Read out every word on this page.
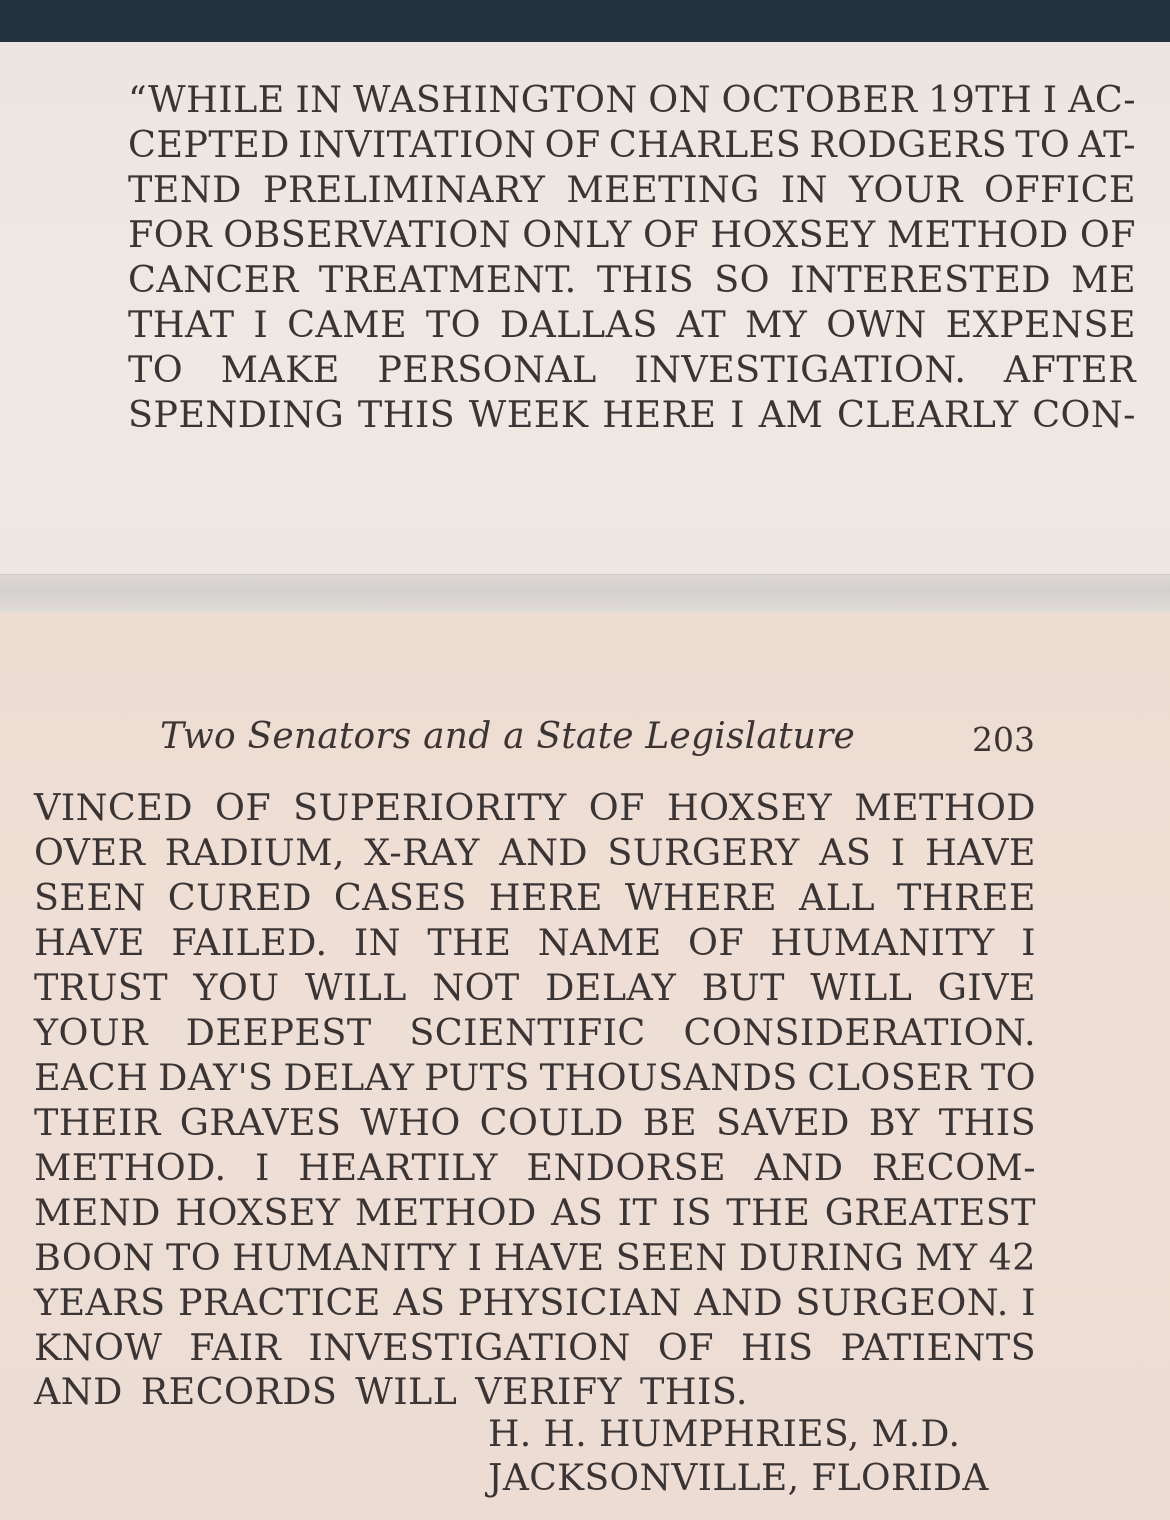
“WHILE IN WASHINGTON ON OCTOBER 19TH I AC-
CEPTED INVITATION OF CHARLES RODGERS TO AT-
TEND PRELIMINARY MEETING IN YOUR OFFICE
FOR OBSERVATION ONLY OF HOXSEY METHOD OF
CANCER TREATMENT. THIS SO INTERESTED ME
THAT I CAME TO DALLAS AT MY OWN EXPENSE
TO MAKE PERSONAL INVESTIGATION. AFTER
SPENDING THIS WEEK HERE I AM CLEARLY CON-
Two Senators and a State Legislature	203
VINCED OF SUPERIORITY OF HOXSEY METHOD
OVER RADIUM, X-RAY AND SURGERY AS I HAVE
SEEN CURED CASES HERE WHERE ALL THREE
HAVE FAILED. IN THE NAME OF HUMANITY I
TRUST YOU WILL NOT DELAY BUT WILL GIVE
YOUR DEEPEST SCIENTIFIC CONSIDERATION.
EACH DAY'S DELAY PUTS THOUSANDS CLOSER TO
THEIR GRAVES WHO COULD BE SAVED BY THIS
METHOD. I HEARTILY ENDORSE AND RECOM-
MEND HOXSEY METHOD AS IT IS THE GREATEST
BOON TO HUMANITY I HAVE SEEN DURING MY 42
YEARS PRACTICE AS PHYSICIAN AND SURGEON. I
KNOW FAIR INVESTIGATION OF HIS PATIENTS
AND RECORDS WILL VERIFY THIS.
H. H. HUMPHRIES, M.D.
JACKSONVILLE, FLORIDA
